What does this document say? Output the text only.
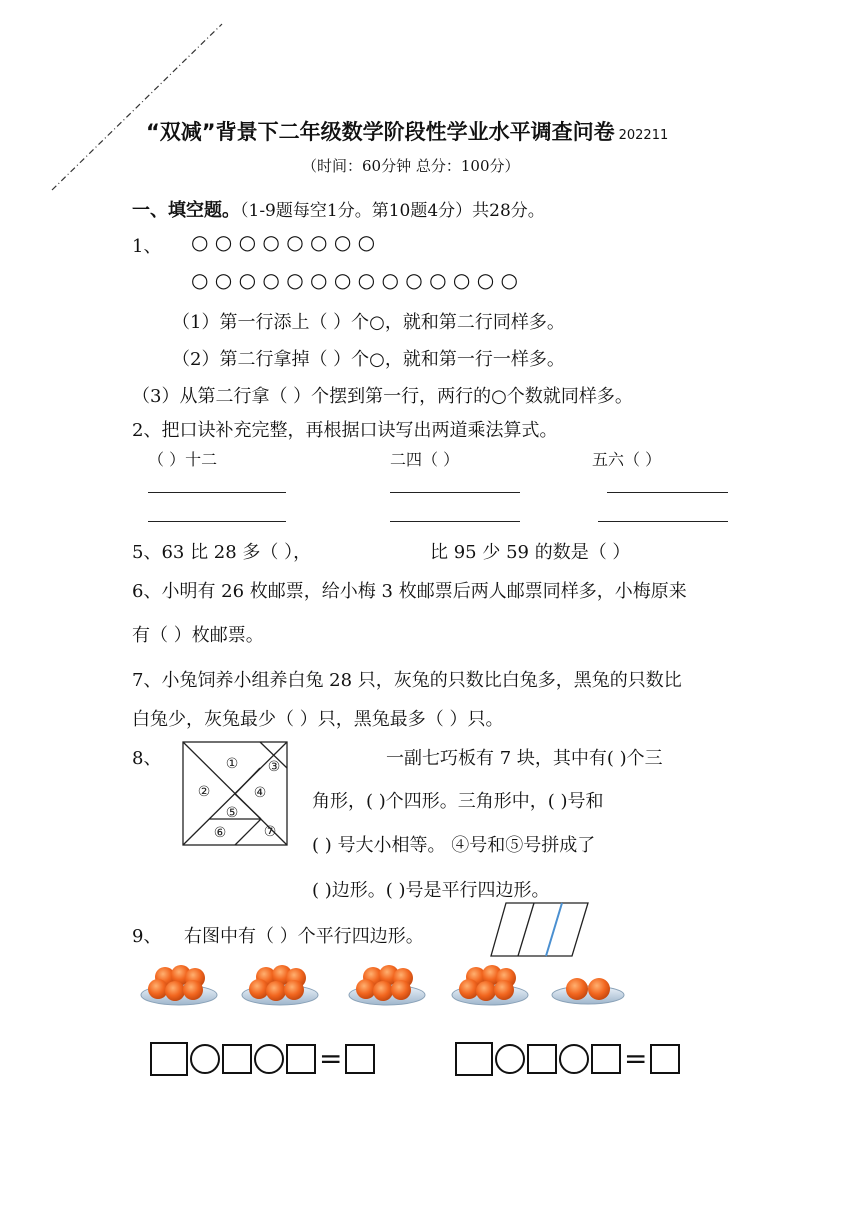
“双减”背景下二年级数学阶段性学业水平调查问卷 202211
（时间：60分钟 总分：100分）
一、填空题。（1-9题每空1分。第10题4分）共28分。
1、 ○ ○ ○ ○ ○ ○ ○ ○
○ ○ ○ ○ ○ ○ ○ ○ ○ ○ ○ ○ ○ ○
（1）第一行添上（ ）个○，就和第二行同样多。
（2）第二行拿掉（ ）个○，就和第一行一样多。
（3）从第二行拿（ ）个摆到第一行，两行的○个数就同样多。
2、把口诀补充完整，再根据口诀写出两道乘法算式。
（ ）十二	二四（ ）	五六（ ）
5、63 比 28 多（ ），	比 95 少 59 的数是（ ）
6、小明有 26 枚邮票，给小梅 3 枚邮票后两人邮票同样多，小梅原来
有（ ）枚邮票。
7、小兔饲养小组养白兔 28 只，灰兔的只数比白兔多，黑兔的只数比
白兔少，灰兔最少（ ）只，黑兔最多（ ）只。
8、	①
②
③
④
⑤
⑥	⑦
一副七巧板有 7 块，其中有( )个三
角形，( )个四形。三角形中，( )号和
( ) 号大小相等。 ④号和⑤号拼成了
( )边形。( )号是平行四边形。
9、 右图中有（ ）个平行四边形。
=	=
